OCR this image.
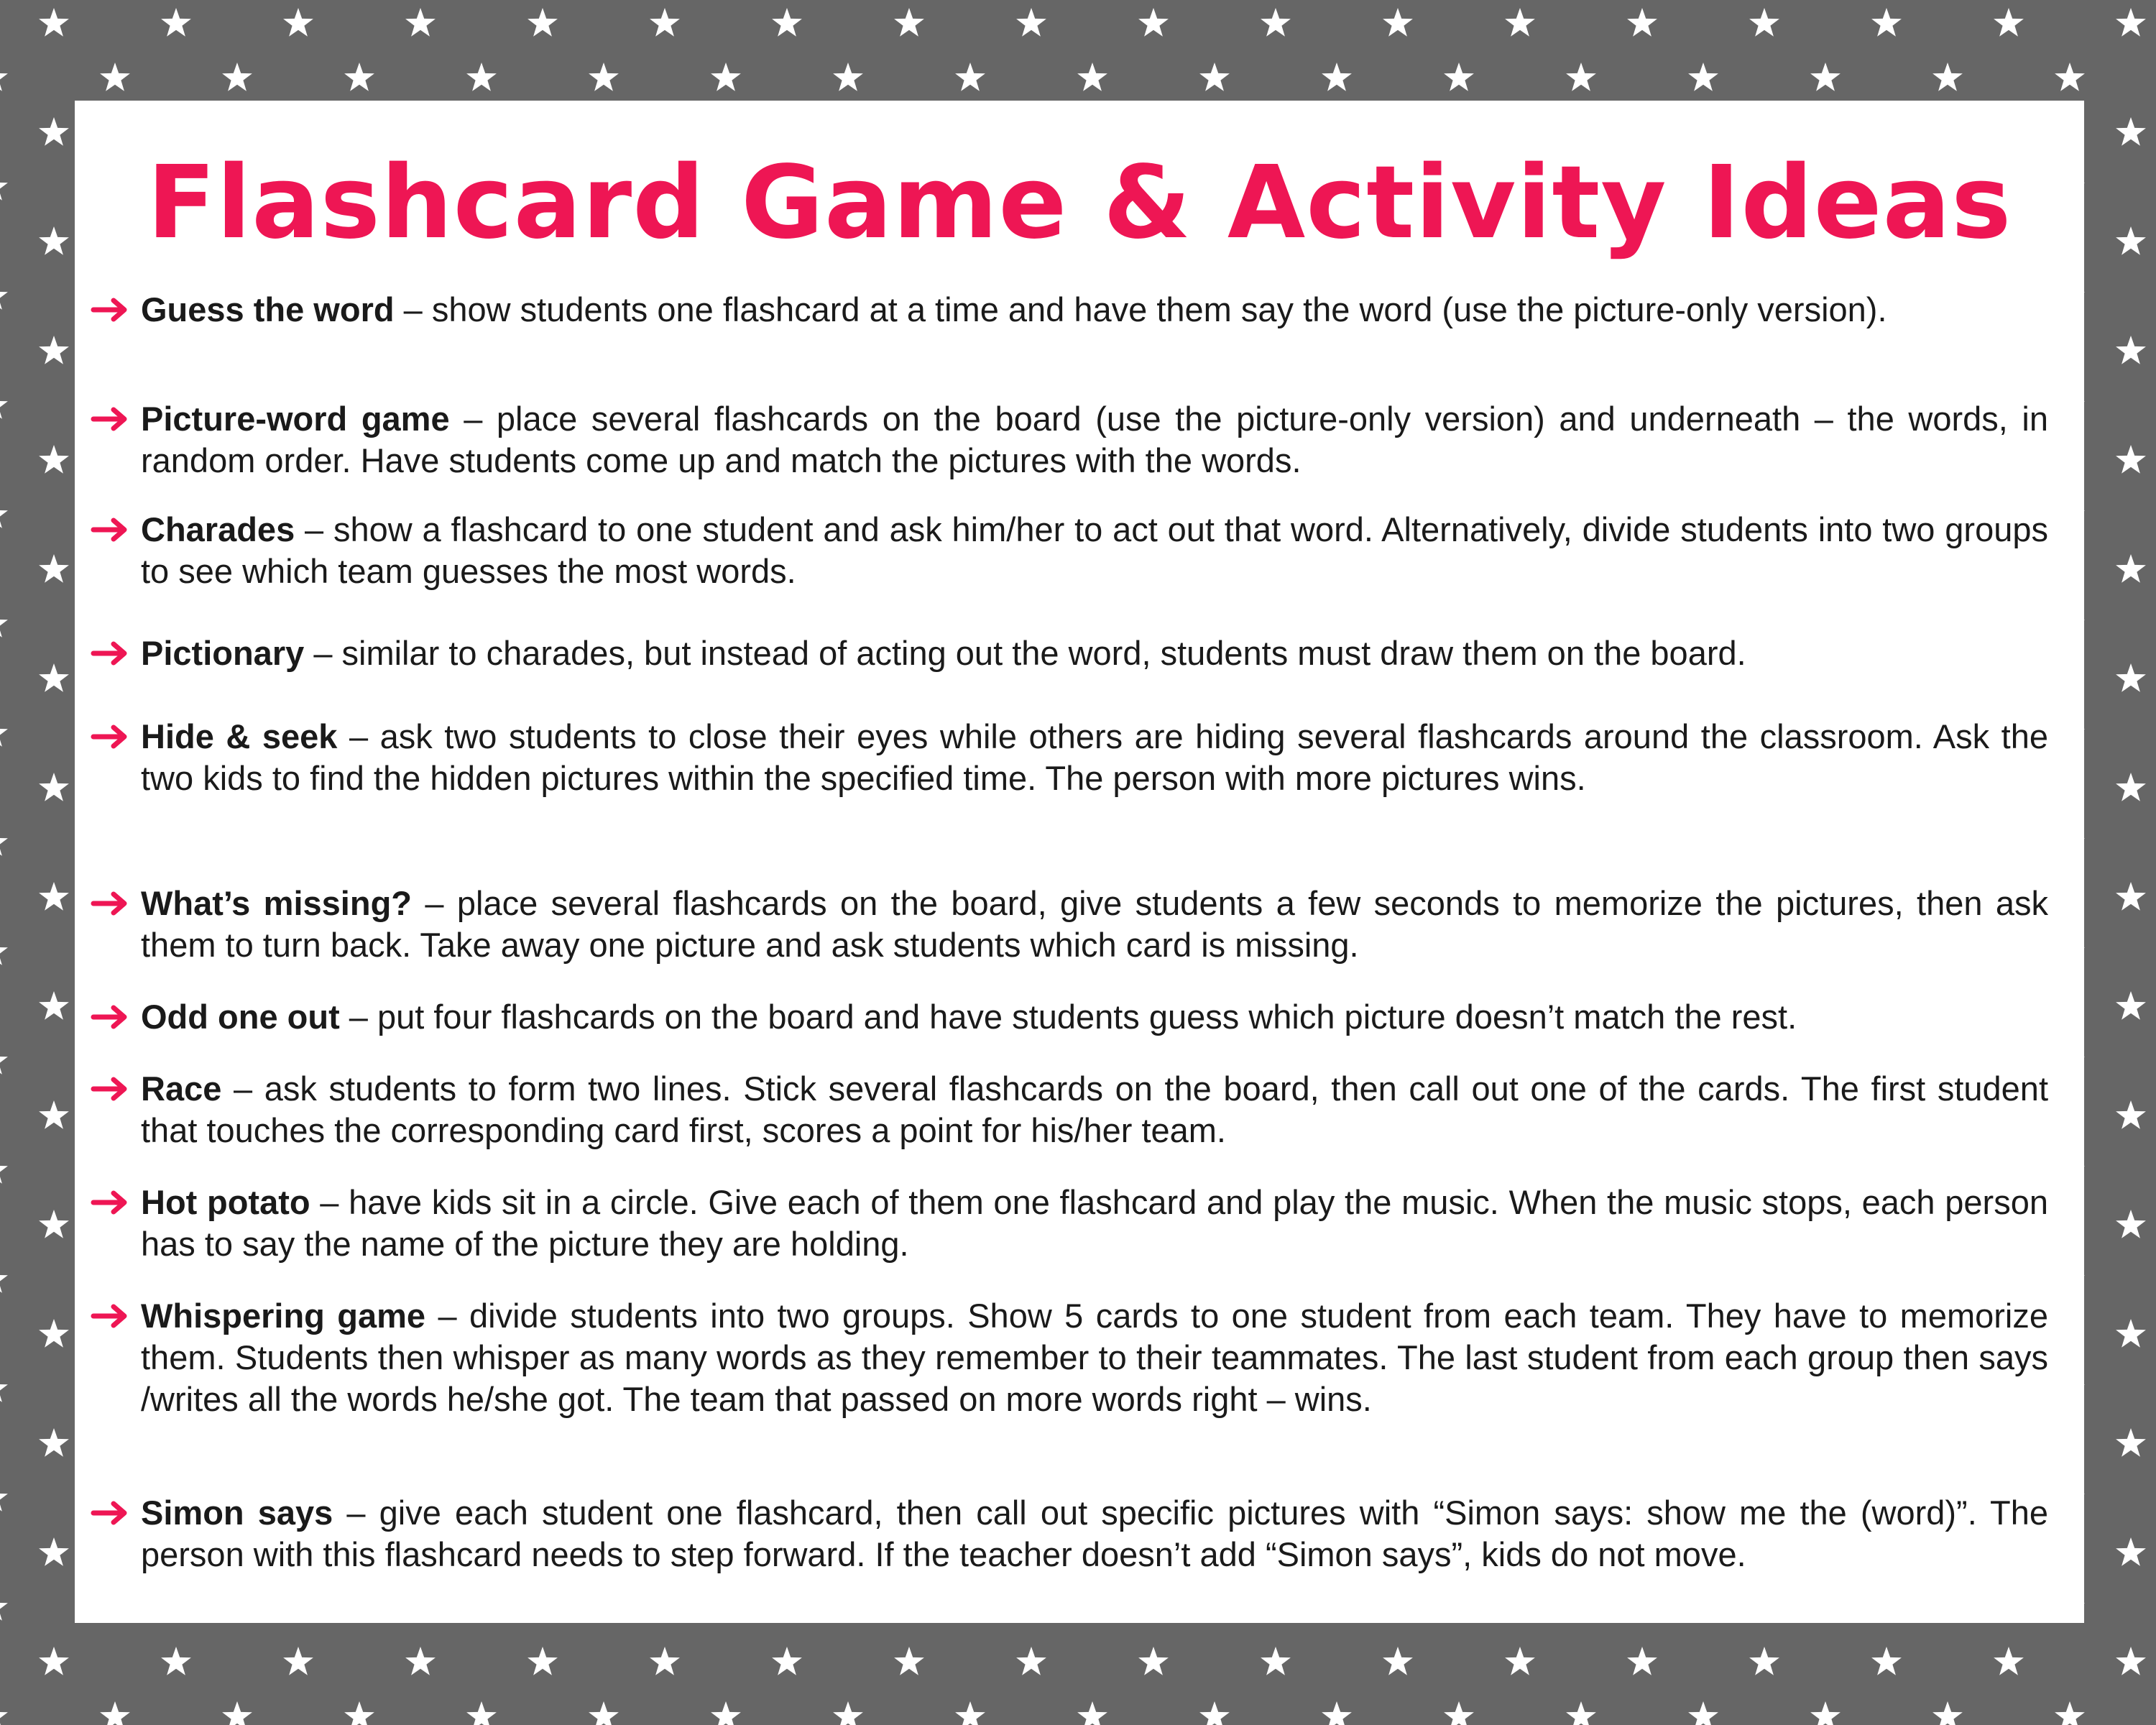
Flashcard Game & Activity Ideas
Guess the word – show students one flashcard at a time and have them say the word (use the picture-only version).
Picture-word game – place several flashcards on the board (use the picture-only version) and underneath – the words, in random order. Have students come up and match the pictures with the words.
Charades – show a flashcard to one student and ask him/her to act out that word. Alternatively, divide students into two groups to see which team guesses the most words.
Pictionary – similar to charades, but instead of acting out the word, students must draw them on the board.
Hide & seek – ask two students to close their eyes while others are hiding several flashcards around the classroom. Ask the two kids to find the hidden pictures within the specified time. The person with more pictures wins.
What’s missing? – place several flashcards on the board, give students a few seconds to memorize the pictures, then ask them to turn back. Take away one picture and ask students which card is missing.
Odd one out – put four flashcards on the board and have students guess which picture doesn’t match the rest.
Race – ask students to form two lines. Stick several flashcards on the board, then call out one of the cards. The first student that touches the corresponding card first, scores a point for his/her team.
Hot potato – have kids sit in a circle. Give each of them one flashcard and play the music. When the music stops, each person has to say the name of the picture they are holding.
Whispering game – divide students into two groups. Show 5 cards to one student from each team. They have to memorize them. Students then whisper as many words as they remember to their teammates. The last student from each group then says /writes all the words he/she got. The team that passed on more words right – wins.
Simon says – give each student one flashcard, then call out specific pictures with “Simon says: show me the (word)”. The person with this flashcard needs to step forward. If the teacher doesn’t add “Simon says”, kids do not move.
